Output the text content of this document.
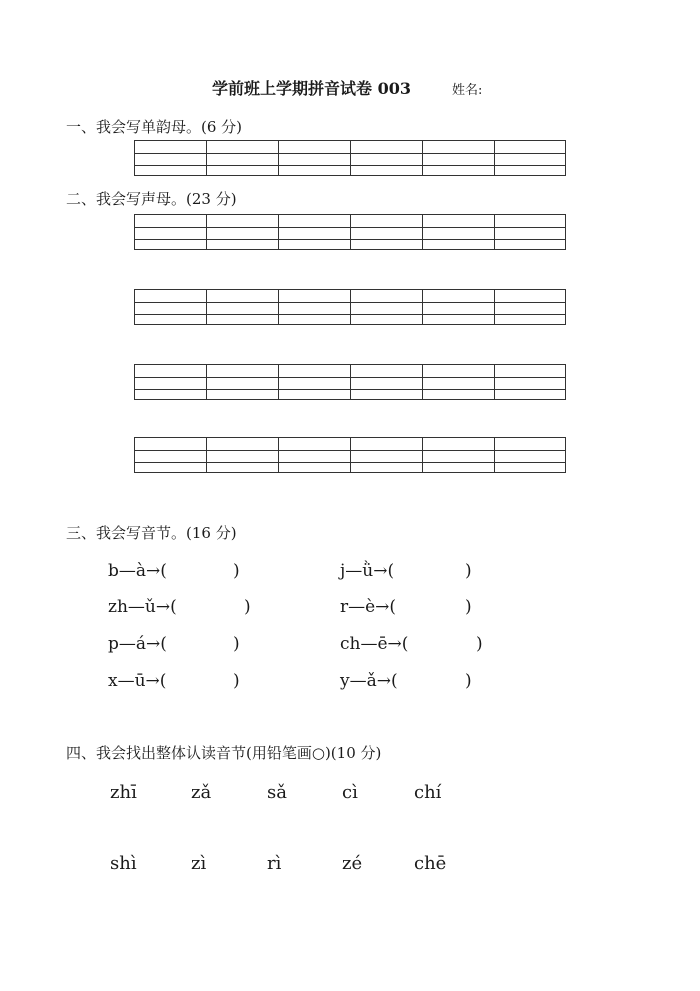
学前班上学期拼音试卷 003	姓名:
一、我会写单韵母。(6 分)
二、我会写声母。(23 分)
三、我会写音节。(16 分)
b—à→(	)	j—ǜ→(	)
zh—ǔ→(	)	r—è→(	)
p—á→(	)	ch—ē→(	)
x—ū→(	)	y—ǎ→(	)
四、我会找出整体认读音节(用铅笔画○)(10 分)
zhī	zǎ	sǎ	cì	chí
shì	zì	rì	zé	chē
